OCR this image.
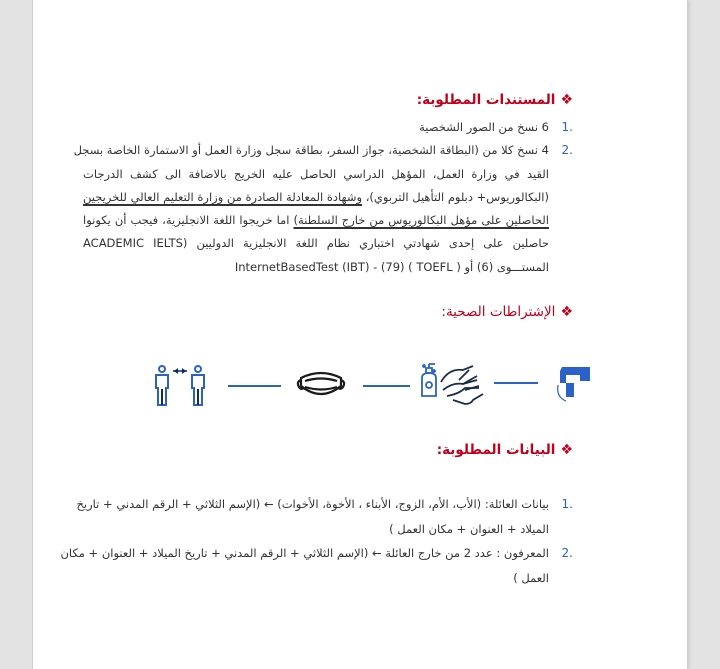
❖
المستندات المطلوبة:
1.
6 نسخ من الصور الشخصية
2.
4 نسخ كلا من (البطاقة الشخصية، جواز السفر، بطاقة سجل وزارة العمل أو الاستمارة الخاصة بسجل
القيد في وزارة العمل، المؤهل الدراسي الحاصل عليه الخريج بالاضافة الى كشف الدرجات
(البكالوريوس+ دبلوم التأهيل التربوي)، وشهادة المعادلة الصادرة من وزارة التعليم العالي للخريجين
الحاصلين على مؤهل البكالوريوس من خارج السلطنة) اما خريجوا اللغة الانجليزية، فيجب أن يكونوا
حاصلين على إحدى شهادتي اختباري نظام اللغة الانجليزية الدوليين (ACADEMIC IELTS
المستـــوى (6) أو ( TOEFL ) (79) - (IBT) InternetBasedTest
❖
الإشتراطات الصحية:
❖
البيانات المطلوبة:
1.
بيانات العائلة: (الأب، الأم، الزوج، الأبناء ، الأخوة، الأخوات) ← (الإسم الثلاثي + الرقم المدني + تاريخ
الميلاد + العنوان + مكان العمل )
2.
المعرفون : عدد 2 من خارج العائلة ← (الإسم الثلاثي + الرقم المدني + تاريخ الميلاد + العنوان + مكان
العمل )
